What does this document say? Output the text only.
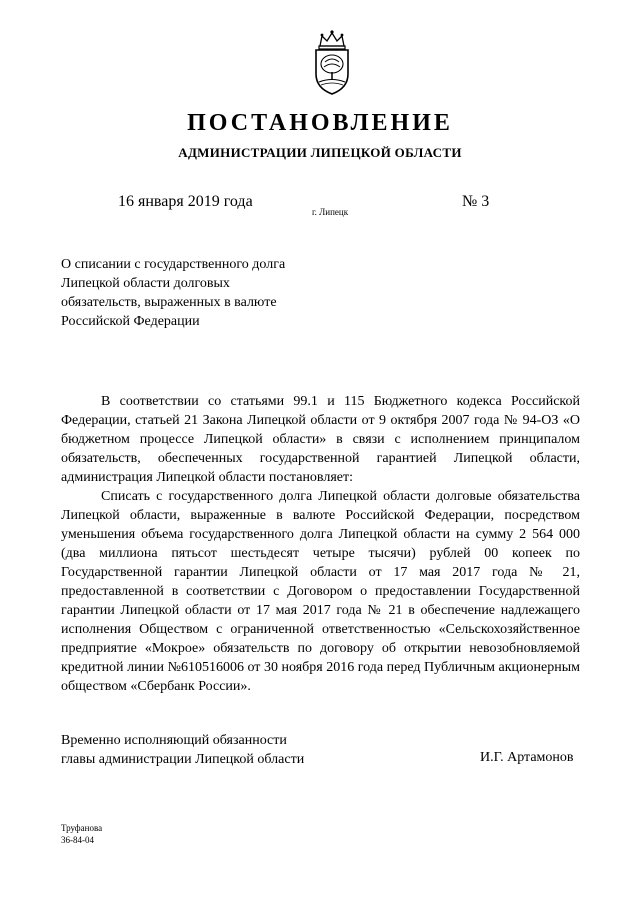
ПОСТАНОВЛЕНИЕ
АДМИНИСТРАЦИИ ЛИПЕЦКОЙ ОБЛАСТИ
16 января 2019 года
г. Липецк
№ 3
О списании с государственного долга
Липецкой области долговых
обязательств, выраженных в валюте
Российской Федерации

В соответствии со статьями 99.1 и 115 Бюджетного кодекса Российской Федерации, статьей 21 Закона Липецкой области от 9 октября 2007 года № 94-ОЗ «О бюджетном процессе Липецкой области» в связи с исполнением принципалом обязательств, обеспеченных государственной гарантией Липецкой области, администрация Липецкой области постановляет:

Списать с государственного долга Липецкой области долговые обязательства Липецкой области, выраженные в валюте Российской Федерации, посредством уменьшения объема государственного долга Липецкой области на сумму 2 564 000 (два миллиона пятьсот шестьдесят четыре тысячи) рублей 00 копеек по Государственной гарантии Липецкой области от 17 мая 2017 года № 21, предоставленной в соответствии с Договором о предоставлении Государственной гарантии Липецкой области от 17 мая 2017 года № 21 в обеспечение надлежащего исполнения Обществом с ограниченной ответственностью «Сельскохозяйственное предприятие «Мокрое» обязательств по договору об открытии невозобновляемой кредитной линии №610516006 от 30 ноября 2016 года перед Публичным акционерным обществом «Сбербанк России».

Временно исполняющий обязанности
главы администрации Липецкой области	И.Г. Артамонов
Труфанова
36-84-04
